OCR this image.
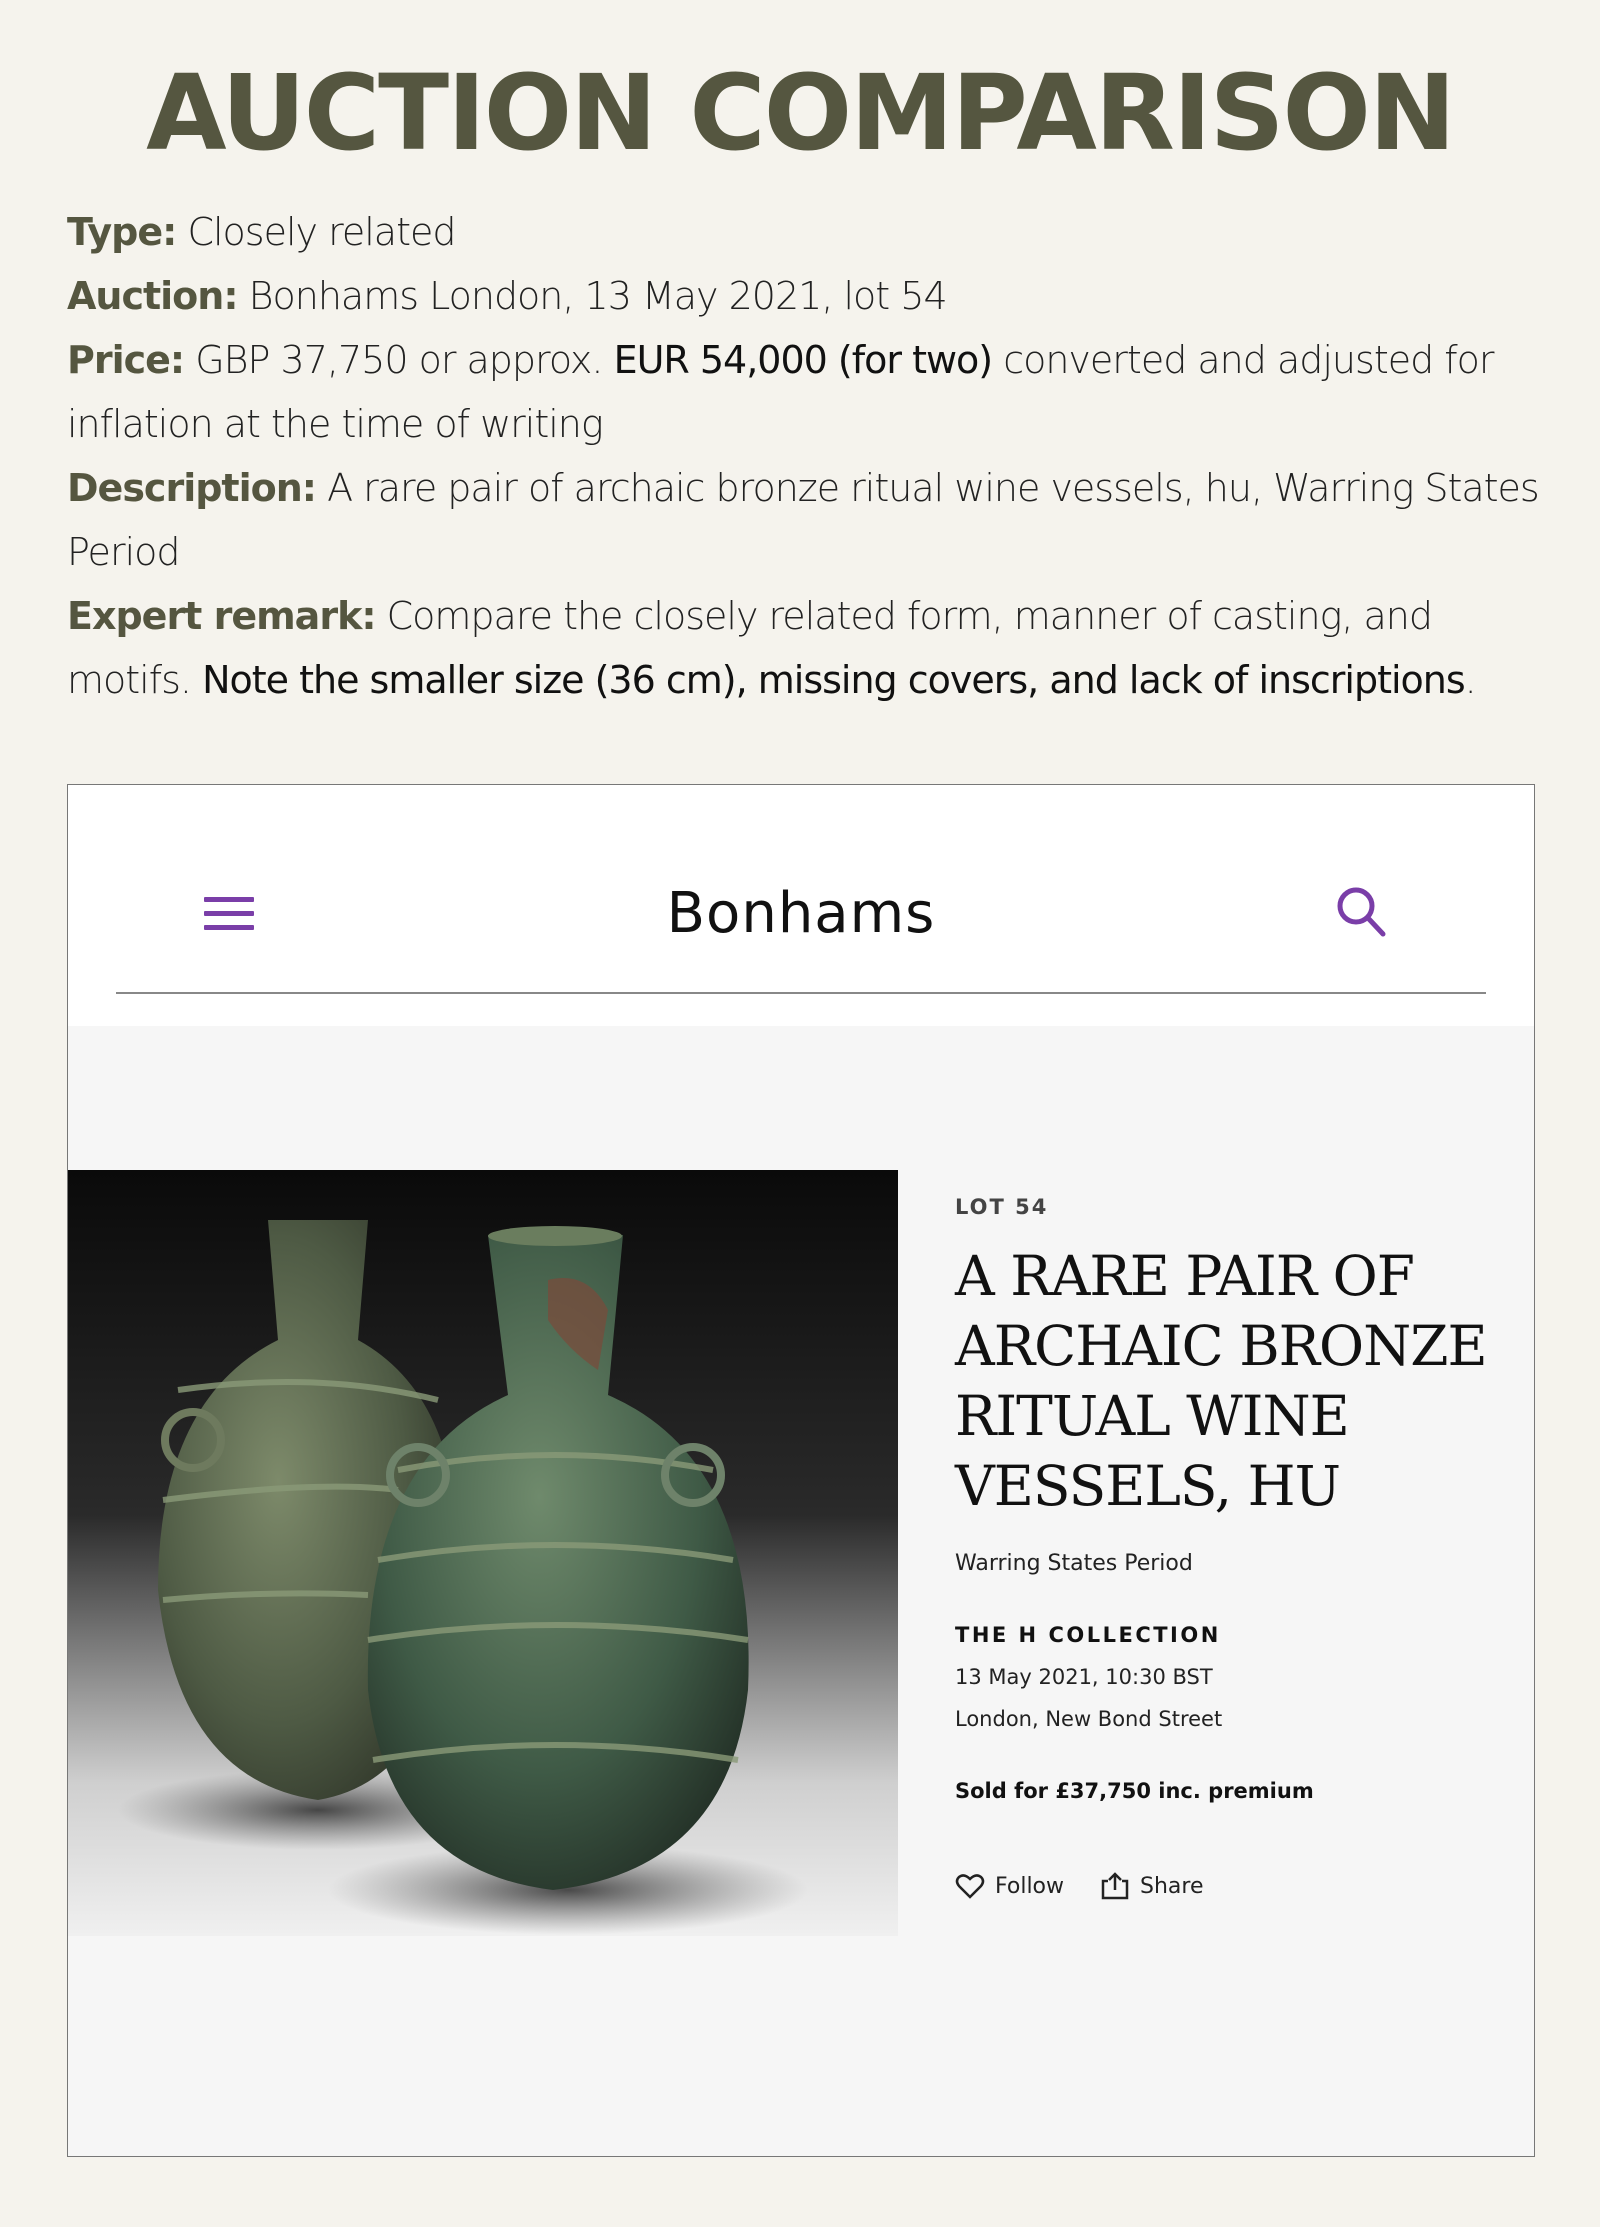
AUCTION COMPARISON
Type: Closely related
Auction: Bonhams London, 13 May 2021, lot 54
Price: GBP 37,750 or approx. EUR 54,000 (for two) converted and adjusted for inflation at the time of writing
Description: A rare pair of archaic bronze ritual wine vessels, hu, Warring States Period
Expert remark: Compare the closely related form, manner of casting, and motifs. Note the smaller size (36 cm), missing covers, and lack of inscriptions.
Bonhams
LOT 54
A RARE PAIR OF ARCHAIC BRONZE RITUAL WINE VESSELS, HU
Warring States Period
THE H COLLECTION
13 May 2021, 10:30 BST
London, New Bond Street
Sold for £37,750 inc. premium
Follow	Share
